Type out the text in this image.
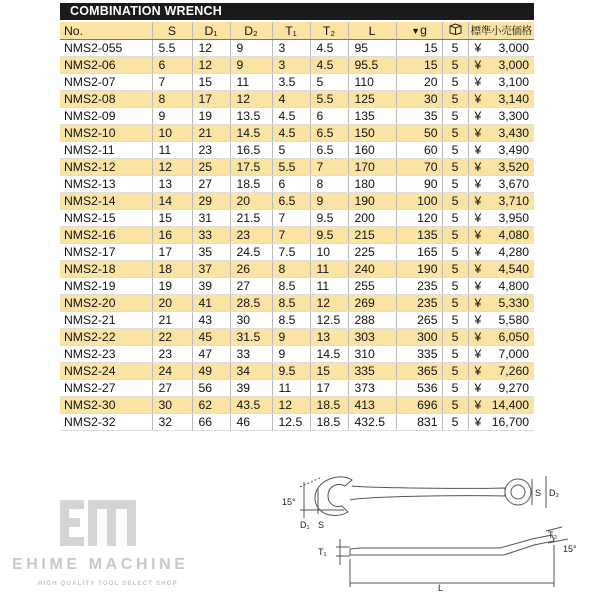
COMBINATION WRENCH
No.	S	D₁	D₂	T₁	T₂	L	▼g		標準小売価格
NMS2-055	5.5	12	9	3	4.5	95	15	5	¥ 3,000

NMS2-06	6	12	9	3	4.5	95.5	15	5	¥ 3,000

NMS2-07	7	15	11	3.5	5	110	20	5	¥ 3,100

NMS2-08	8	17	12	4	5.5	125	30	5	¥ 3,140

NMS2-09	9	19	13.5	4.5	6	135	35	5	¥ 3,300

NMS2-10	10	21	14.5	4.5	6.5	150	50	5	¥ 3,430

NMS2-11	11	23	16.5	5	6.5	160	60	5	¥ 3,490

NMS2-12	12	25	17.5	5.5	7	170	70	5	¥ 3,520

NMS2-13	13	27	18.5	6	8	180	90	5	¥ 3,670

NMS2-14	14	29	20	6.5	9	190	100	5	¥ 3,710

NMS2-15	15	31	21.5	7	9.5	200	120	5	¥ 3,950

NMS2-16	16	33	23	7	9.5	215	135	5	¥ 4,080

NMS2-17	17	35	24.5	7.5	10	225	165	5	¥ 4,280

NMS2-18	18	37	26	8	11	240	190	5	¥ 4,540

NMS2-19	19	39	27	8.5	11	255	235	5	¥ 4,800

NMS2-20	20	41	28.5	8.5	12	269	235	5	¥ 5,330

NMS2-21	21	43	30	8.5	12.5	288	265	5	¥ 5,580

NMS2-22	22	45	31.5	9	13	303	300	5	¥ 6,050

NMS2-23	23	47	33	9	14.5	310	335	5	¥ 7,000

NMS2-24	24	49	34	9.5	15	335	365	5	¥ 7,260

NMS2-27	27	56	39	11	17	373	536	5	¥ 9,270

NMS2-30	30	62	43.5	12	18.5	413	696	5	¥ 14,400

NMS2-32	32	66	46	12.5	18.5	432.5	831	5	¥ 16,700
EHIME MACHINE
HIGH QUALITY TOOL SELECT SHOP
15°
D₁ S
S D₂
T₁
T₂
15°
L
